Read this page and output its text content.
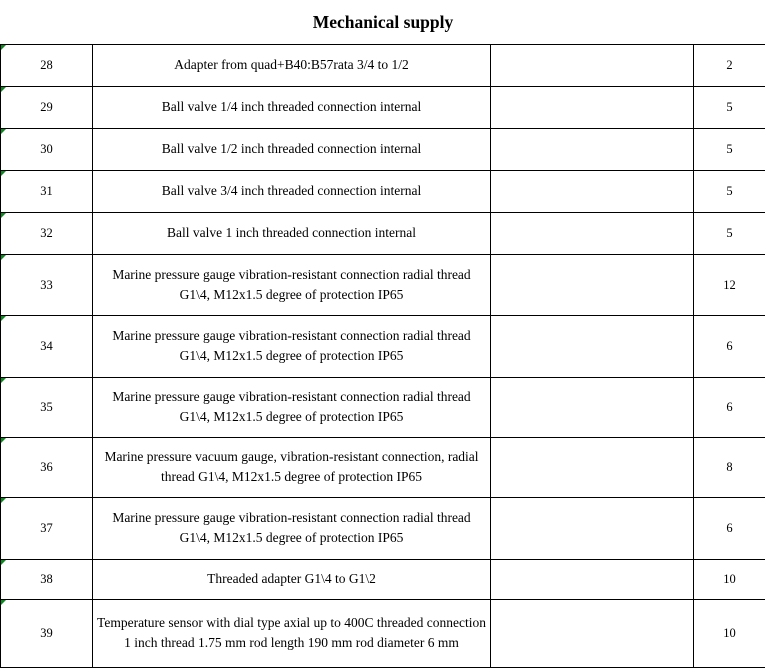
Mechanical supply			

28	Adapter from quad+B40:B57rata 3/4 to 1/2		2

29	Ball valve 1/4 inch threaded connection internal		5

30	Ball valve 1/2 inch threaded connection internal		5

31	Ball valve 3/4 inch threaded connection internal		5

32	Ball valve 1 inch threaded connection internal		5

33	Marine pressure gauge vibration-resistant connection radial thread G1\4, M12x1.5 degree of protection IP65		12

34	Marine pressure gauge vibration-resistant connection radial thread G1\4, M12x1.5 degree of protection IP65		6

35	Marine pressure gauge vibration-resistant connection radial thread G1\4, M12x1.5 degree of protection IP65		6

36	Marine pressure vacuum gauge, vibration-resistant connection, radial thread G1\4, M12x1.5 degree of protection IP65		8

37	Marine pressure gauge vibration-resistant connection radial thread G1\4, M12x1.5 degree of protection IP65		6

38	Threaded adapter G1\4 to G1\2		10

39	Temperature sensor with dial type axial up to 400C threaded connection 1 inch thread 1.75 mm rod length 190 mm rod diameter 6 mm		10
